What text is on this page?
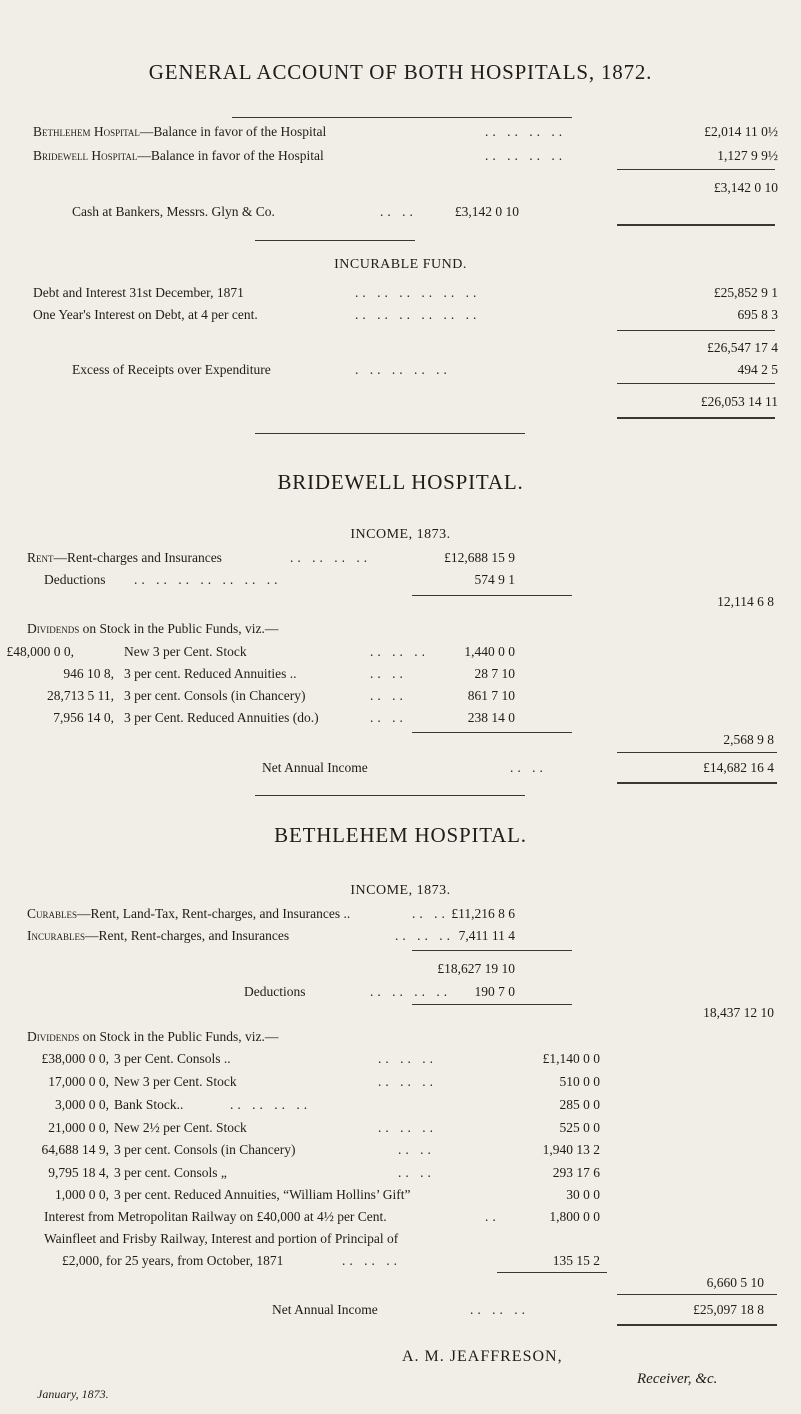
GENERAL ACCOUNT OF BOTH HOSPITALS, 1872.
Bethlehem Hospital—Balance in favor of the Hospital	.. .. .. ..	£2,014 11 0½
Bridewell Hospital—Balance in favor of the Hospital	.. .. .. ..	1,127 9 9½
£3,142 0 10
Cash at Bankers, Messrs. Glyn & Co.	.. ..	£3,142 0 10
INCURABLE FUND.
Debt and Interest 31st December, 1871	.. .. .. .. .. ..	£25,852 9 1
One Year's Interest on Debt, at 4 per cent.	.. .. .. .. .. ..	695 8 3
£26,547 17 4
Excess of Receipts over Expenditure	. .. .. .. ..	494 2 5
£26,053 14 11
BRIDEWELL HOSPITAL.
INCOME, 1873.
Rent—Rent-charges and Insurances	.. .. .. ..	£12,688 15 9
Deductions .. .. .. .. .. .. ..	574 9 1
12,114 6 8
Dividends on Stock in the Public Funds, viz.—
£48,000 0 0,	New 3 per Cent. Stock	.. .. ..	1,440 0 0
946 10 8, 3 per cent. Reduced Annuities ..	.. ..	28 7 10
28,713 5 11, 3 per cent. Consols (in Chancery)	.. ..	861 7 10
7,956 14 0, 3 per Cent. Reduced Annuities (do.)	.. ..	238 14 0
2,568 9 8
Net Annual Income	.. ..	£14,682 16 4
BETHLEHEM HOSPITAL.
INCOME, 1873.
Curables—Rent, Land-Tax, Rent-charges, and Insurances ..	.. .. £11,216 8 6
Incurables—Rent, Rent-charges, and Insurances	.. .. .. 7,411 11 4
£18,627 19 10
Deductions	.. .. .. .. 190 7 0
18,437 12 10
Dividends on Stock in the Public Funds, viz.—
£38,000 0 0, 3 per Cent. Consols ..	.. .. ..	£1,140 0 0
17,000 0 0, New 3 per Cent. Stock	.. .. ..	510 0 0
3,000 0 0, Bank Stock..	.. .. .. ..	285 0 0
21,000 0 0, New 2½ per Cent. Stock	.. .. ..	525 0 0
64,688 14 9, 3 per cent. Consols (in Chancery)	.. ..	1,940 13 2
9,795 18 4, 3 per cent. Consols „	.. ..	293 17 6
1,000 0 0, 3 per cent. Reduced Annuities, “William Hollins’ Gift”	30 0 0
Interest from Metropolitan Railway on £40,000 at 4½ per Cent.	..	1,800 0 0
Wainfleet and Frisby Railway, Interest and portion of Principal of
£2,000, for 25 years, from October, 1871	.. .. ..	135 15 2
6,660 5 10
Net Annual Income	.. .. ..	£25,097 18 8
A. M. JEAFFRESON,
Receiver, &c.
January, 1873.
